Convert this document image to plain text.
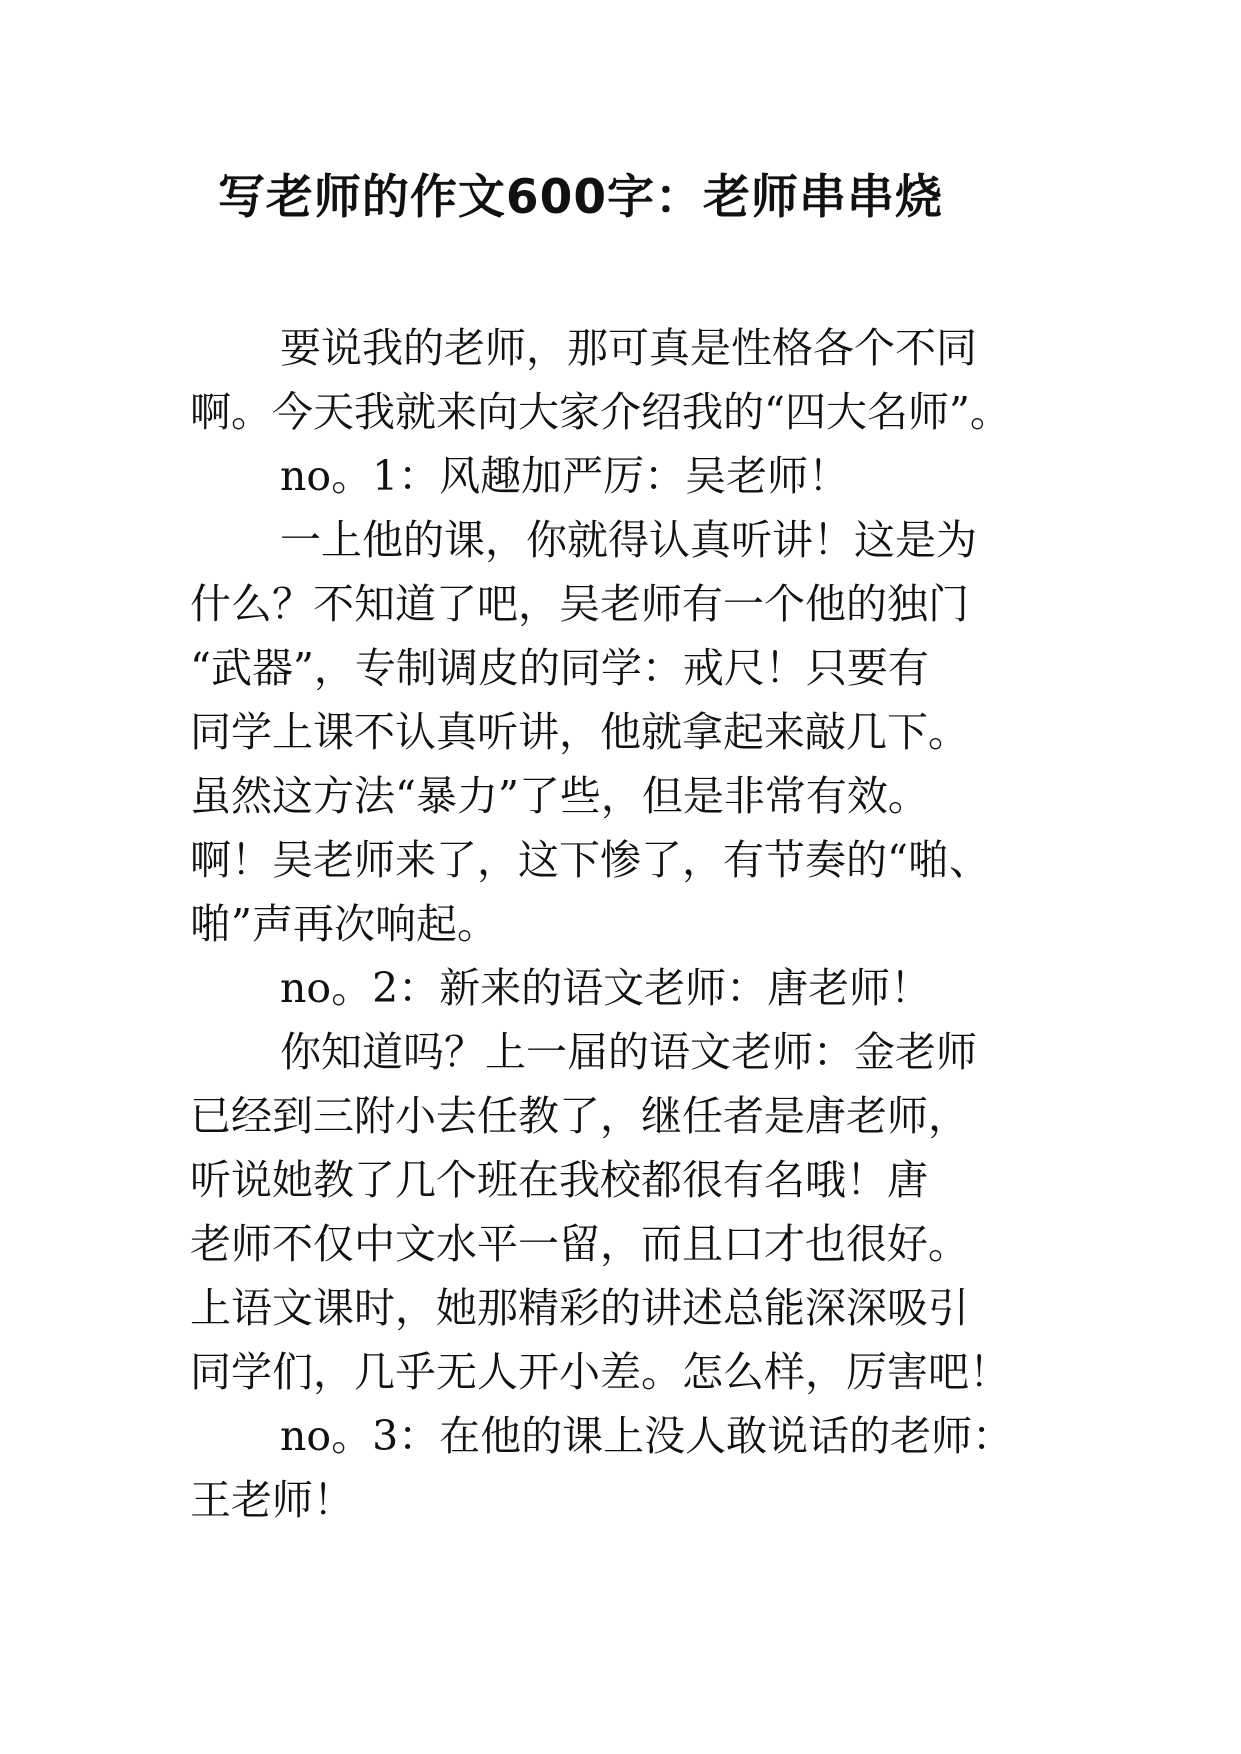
写老师的作文600字：老师串串烧
要说我的老师，那可真是性格各个不同
啊。今天我就来向大家介绍我的“四大名师”。
no。1：风趣加严厉：吴老师！
一上他的课，你就得认真听讲！这是为
什么？不知道了吧，吴老师有一个他的独门
“武器”，专制调皮的同学：戒尺！只要有
同学上课不认真听讲，他就拿起来敲几下。
虽然这方法“暴力”了些，但是非常有效。
啊！吴老师来了，这下惨了，有节奏的“啪、
啪”声再次响起。
no。2：新来的语文老师：唐老师！
你知道吗？上一届的语文老师：金老师
已经到三附小去任教了，继任者是唐老师，
听说她教了几个班在我校都很有名哦！唐
老师不仅中文水平一留，而且口才也很好。
上语文课时，她那精彩的讲述总能深深吸引
同学们，几乎无人开小差。怎么样，厉害吧！
no。3：在他的课上没人敢说话的老师：
王老师！
